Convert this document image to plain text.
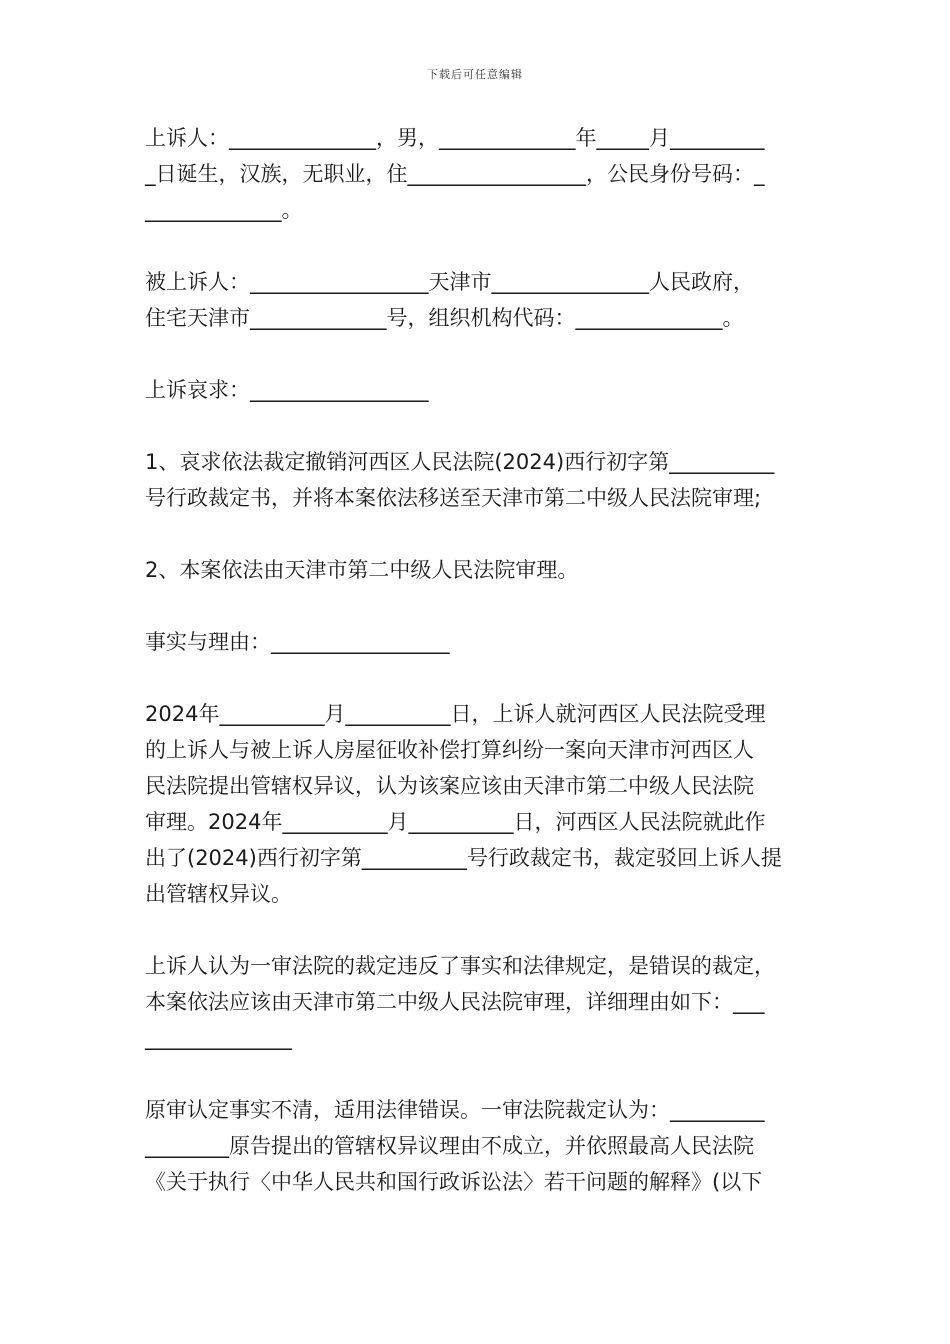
下载后可任意编辑
上诉人：______________，男，_____________年_____月_________
_日诞生，汉族，无职业，住_________________，公民身份号码：_
_____________。
被上诉人：_________________天津市_______________人民政府，
住宅天津市_____________号，组织机构代码：______________。
上诉哀求：_________________
1、哀求依法裁定撤销河西区人民法院(2024)西行初字第__________
号行政裁定书，并将本案依法移送至天津市第二中级人民法院审理;
2、本案依法由天津市第二中级人民法院审理。
事实与理由：_________________
2024年__________月__________日，上诉人就河西区人民法院受理
的上诉人与被上诉人房屋征收补偿打算纠纷一案向天津市河西区人
民法院提出管辖权异议，认为该案应该由天津市第二中级人民法院
审理。2024年__________月__________日，河西区人民法院就此作
出了(2024)西行初字第__________号行政裁定书，裁定驳回上诉人提
出管辖权异议。
上诉人认为一审法院的裁定违反了事实和法律规定，是错误的裁定，
本案依法应该由天津市第二中级人民法院审理，详细理由如下：___
______________
原审认定事实不清，适用法律错误。一审法院裁定认为：_________
________原告提出的管辖权异议理由不成立，并依照最高人民法院
《关于执行〈中华人民共和国行政诉讼法〉若干问题的解释》(以下
